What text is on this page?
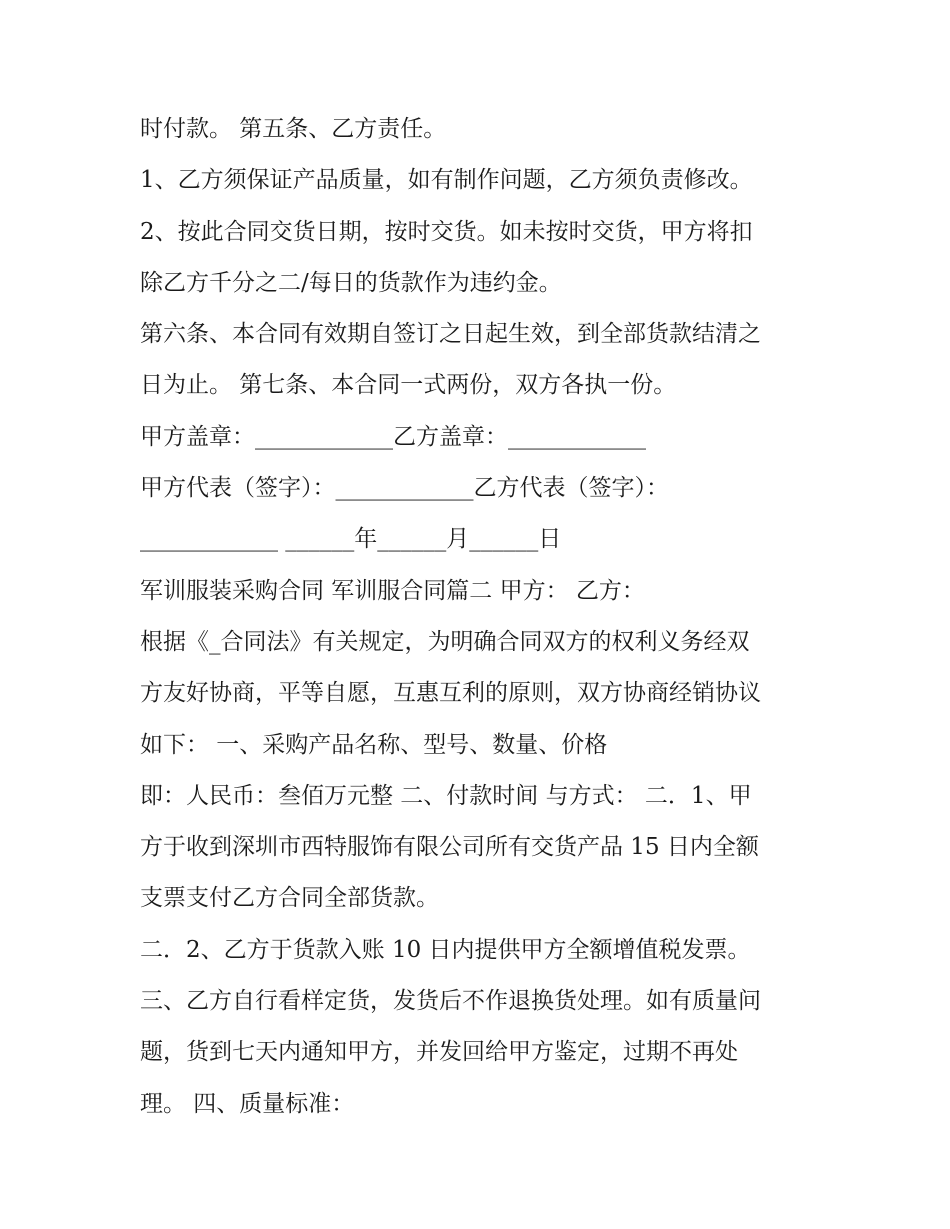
时付款。 第五条、乙方责任。
1、乙方须保证产品质量，如有制作问题，乙方须负责修改。
2、按此合同交货日期，按时交货。如未按时交货，甲方将扣
除乙方千分之二/每日的货款作为违约金。
第六条、本合同有效期自签订之日起生效，到全部货款结清之
日为止。 第七条、本合同一式两份，双方各执一份。
甲方盖章：____________乙方盖章：____________
甲方代表（签字）：____________乙方代表（签字）：
____________ ______年______月______日
军训服装采购合同 军训服合同篇二 甲方： 乙方：
根据《_合同法》有关规定，为明确合同双方的权利义务经双
方友好协商，平等自愿，互惠互利的原则，双方协商经销协议
如下： 一、采购产品名称、型号、数量、价格
即：人民币：叁佰万元整 二、付款时间 与方式： 二．1、甲
方于收到深圳市西特服饰有限公司所有交货产品 15 日内全额
支票支付乙方合同全部货款。
二．2、乙方于货款入账 10 日内提供甲方全额增值税发票。
三、乙方自行看样定货，发货后不作退换货处理。如有质量问
题，货到七天内通知甲方，并发回给甲方鉴定，过期不再处
理。 四、质量标准：
